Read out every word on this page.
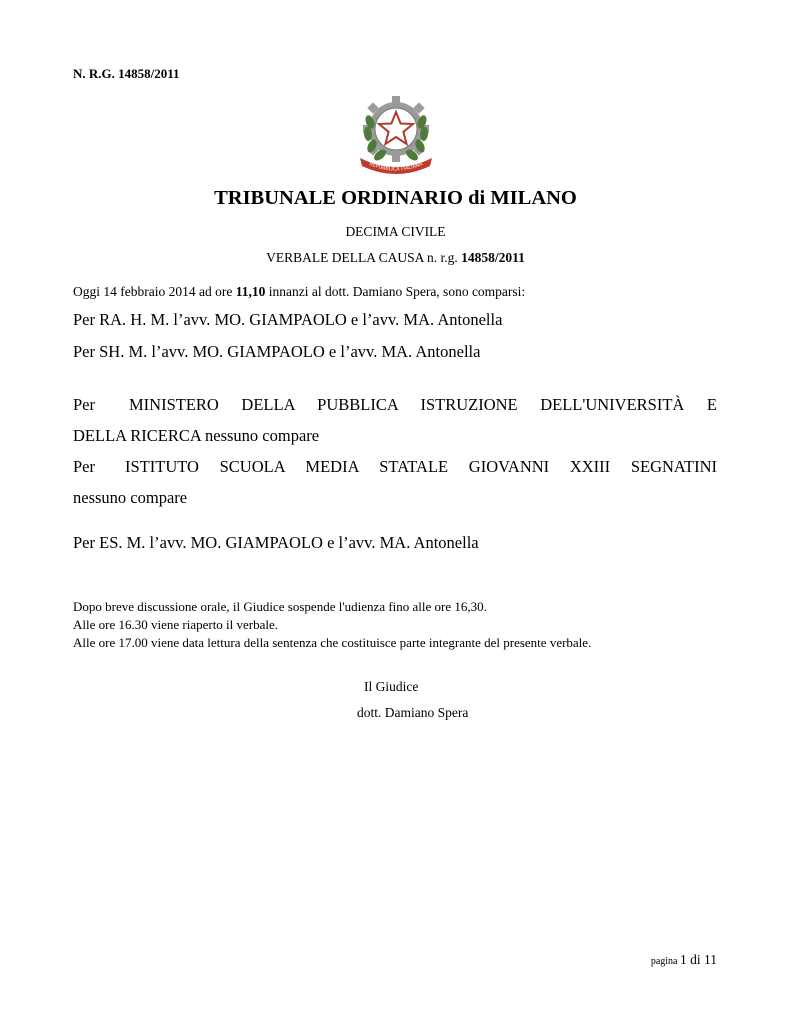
N. R.G. 14858/2011
REPUBBLICA ITALIANA
TRIBUNALE ORDINARIO di MILANO
DECIMA CIVILE
VERBALE DELLA CAUSA n. r.g. 14858/2011
Oggi 14 febbraio 2014 ad ore 11,10 innanzi al dott. Damiano Spera, sono comparsi:
Per RA. H. M. l’avv. MO. GIAMPAOLO e l’avv. MA. Antonella
Per SH. M. l’avv. MO. GIAMPAOLO e l’avv. MA. Antonella
Per MINISTERO DELLA PUBBLICA ISTRUZIONE DELL'UNIVERSITÀ E
DELLA RICERCA nessuno compare
Per ISTITUTO SCUOLA MEDIA STATALE GIOVANNI XXIII SEGNATINI
nessuno compare
Per ES. M. l’avv. MO. GIAMPAOLO e l’avv. MA. Antonella
Dopo breve discussione orale, il Giudice sospende l'udienza fino alle ore 16,30.
Alle ore 16.30 viene riaperto il verbale.
Alle ore 17.00 viene data lettura della sentenza che costituisce parte integrante del presente verbale.
Il Giudice
dott. Damiano Spera
pagina 1 di 11
